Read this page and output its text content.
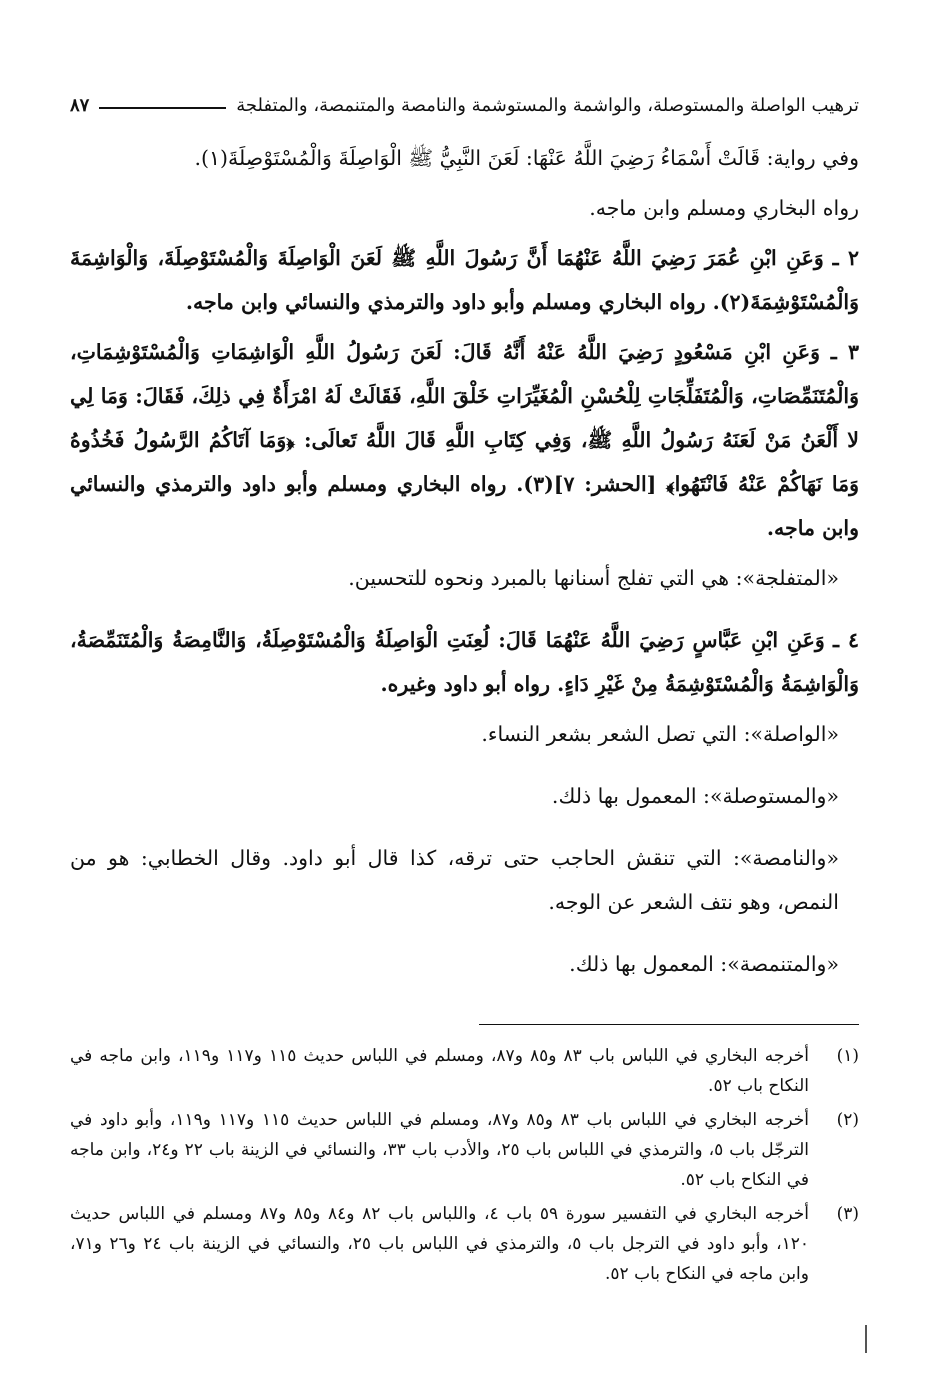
ترهيب الواصلة والمستوصلة، والواشمة والمستوشمة والنامصة والمتنمصة، والمتفلجة
٨٧

وفي رواية: قَالَتْ أَسْمَاءُ رَضِيَ اللَّهُ عَنْهَا: لَعَنَ النَّبِيُّ ﷺ الْوَاصِلَةَ وَالْمُسْتَوْصِلَةَ(١).

رواه البخاري ومسلم وابن ماجه.

٢ ـ وَعَنِ ابْنِ عُمَرَ رَضِيَ اللَّهُ عَنْهُمَا أَنَّ رَسُولَ اللَّهِ ﷺ لَعَنَ الْوَاصِلَةَ وَالْمُسْتَوْصِلَةَ، وَالْوَاشِمَةَ وَالْمُسْتَوْشِمَةَ(٢). رواه البخاري ومسلم وأبو داود والترمذي والنسائي وابن ماجه.

٣ ـ وَعَنِ ابْنِ مَسْعُودٍ رَضِيَ اللَّهُ عَنْهُ أَنَّهُ قَالَ: لَعَنَ رَسُولُ اللَّهِ الْوَاشِمَاتِ وَالْمُسْتَوْشِمَاتِ، وَالْمُتَنَمِّصَاتِ، وَالْمُتَفَلِّجَاتِ لِلْحُسْنِ الْمُغَيِّرَاتِ خَلْقَ اللَّهِ، فَقَالَتْ لَهُ امْرَأَةٌ فِي ذلِكَ، فَقَالَ: وَمَا لِي لا أَلْعَنُ مَنْ لَعَنَهُ رَسُولُ اللَّهِ ﷺ، وَفِي كِتَابِ اللَّهِ قَالَ اللَّهُ تَعالَى: ﴿وَمَا آتَاكُمُ الرَّسُولُ فَخُذُوهُ وَمَا نَهَاكُمْ عَنْهُ فَانْتَهُوا﴾ [الحشر: ٧](٣). رواه البخاري ومسلم وأبو داود والترمذي والنسائي وابن ماجه.

«المتفلجة»: هي التي تفلج أسنانها بالمبرد ونحوه للتحسين.

٤ ـ وَعَنِ ابْنِ عَبَّاسٍ رَضِيَ اللَّهُ عَنْهُمَا قَالَ: لُعِنَتِ الْوَاصِلَةُ وَالْمُسْتَوْصِلَةُ، وَالنَّامِصَةُ وَالْمُتَنَمِّصَةُ، وَالْوَاشِمَةُ وَالْمُسْتَوْشِمَةُ مِنْ غَيْرِ دَاءٍ. رواه أبو داود وغيره.

«الواصلة»: التي تصل الشعر بشعر النساء.

«والمستوصلة»: المعمول بها ذلك.

«والنامصة»: التي تنقش الحاجب حتى ترقه، كذا قال أبو داود. وقال الخطابي: هو من النمص، وهو نتف الشعر عن الوجه.

«والمتنمصة»: المعمول بها ذلك.

(١)
أخرجه البخاري في اللباس باب ٨٣ و٨٥ و٨٧، ومسلم في اللباس حديث ١١٥ و١١٧ و١١٩، وابن ماجه في النكاح باب ٥٢.
(٢)
أخرجه البخاري في اللباس باب ٨٣ و٨٥ و٨٧، ومسلم في اللباس حديث ١١٥ و١١٧ و١١٩، وأبو داود في الترجّل باب ٥، والترمذي في اللباس باب ٢٥، والأدب باب ٣٣، والنسائي في الزينة باب ٢٢ و٢٤، وابن ماجه في النكاح باب ٥٢.
(٣)
أخرجه البخاري في التفسير سورة ٥٩ باب ٤، واللباس باب ٨٢ و٨٤ و٨٥ و٨٧ ومسلم في اللباس حديث ١٢٠، وأبو داود في الترجل باب ٥، والترمذي في اللباس باب ٢٥، والنسائي في الزينة باب ٢٤ و٢٦ و٧١، وابن ماجه في النكاح باب ٥٢.
